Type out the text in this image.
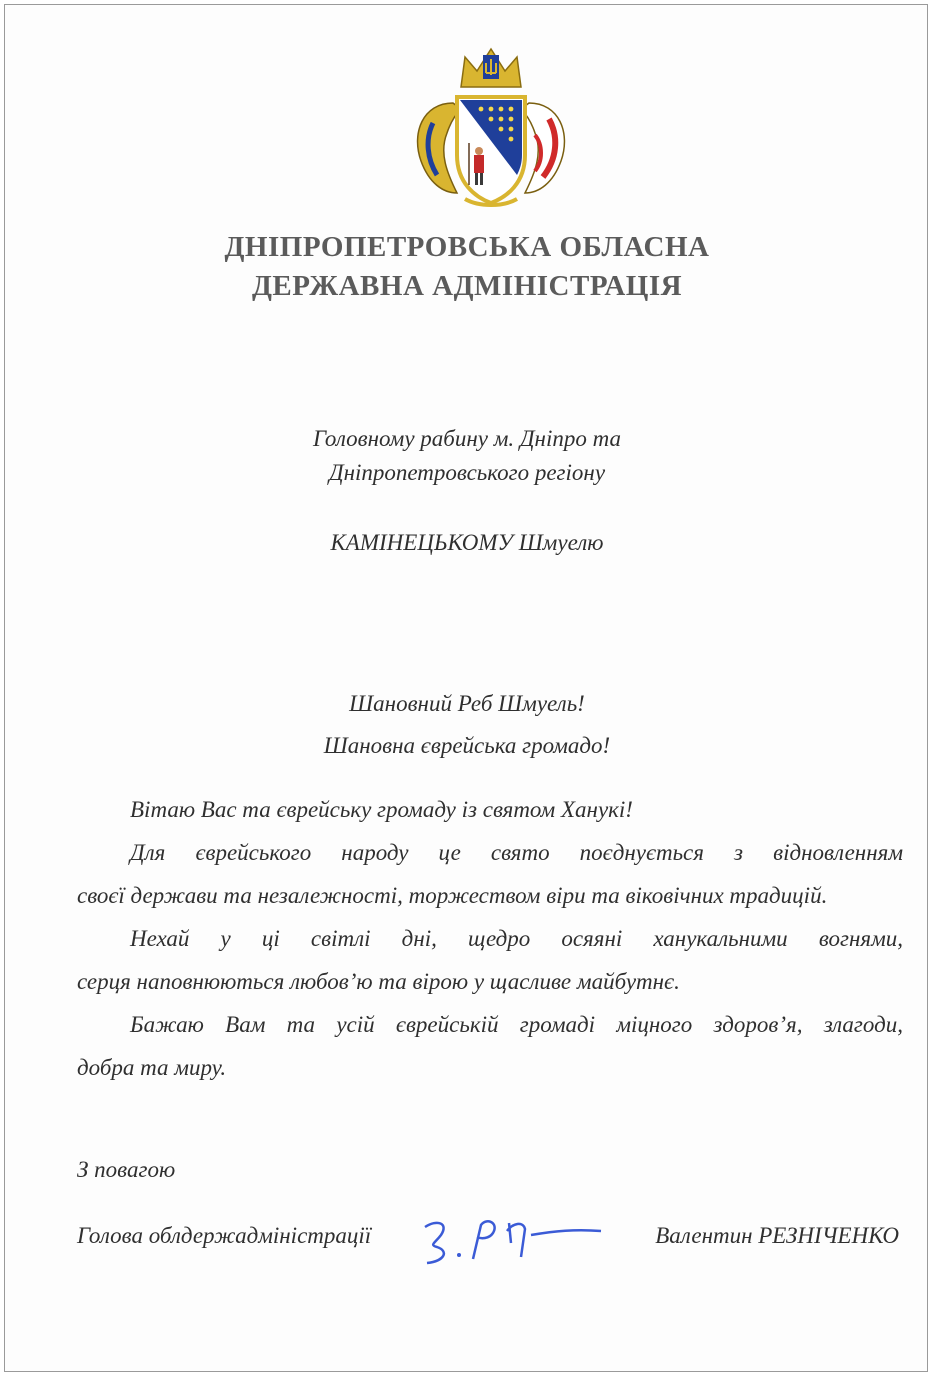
ДНІПРОПЕТРОВСЬКА ОБЛАСНА
ДЕРЖАВНА АДМІНІСТРАЦІЯ
Головному рабину м. Дніпро та
Дніпропетровського регіону
КАМІНЕЦЬКОМУ Шмуелю
Шановний Реб Шмуель!
Шановна єврейська громадо!

Вітаю Вас та єврейську громаду із святом Ханукі!

Для єврейського народу це свято поєднується з відновленням

своєї держави та незалежності, торжеством віри та віковічних традицій.

Нехай у ці світлі дні, щедро осяяні ханукальними вогнями,

серця наповнюються любов’ю та вірою у щасливе майбутнє.

Бажаю Вам та усій єврейській громаді міцного здоров’я, злагоди,

добра та миру.

З повагою
Голова облдержадміністрації	Валентин РЕЗНІЧЕНКО
